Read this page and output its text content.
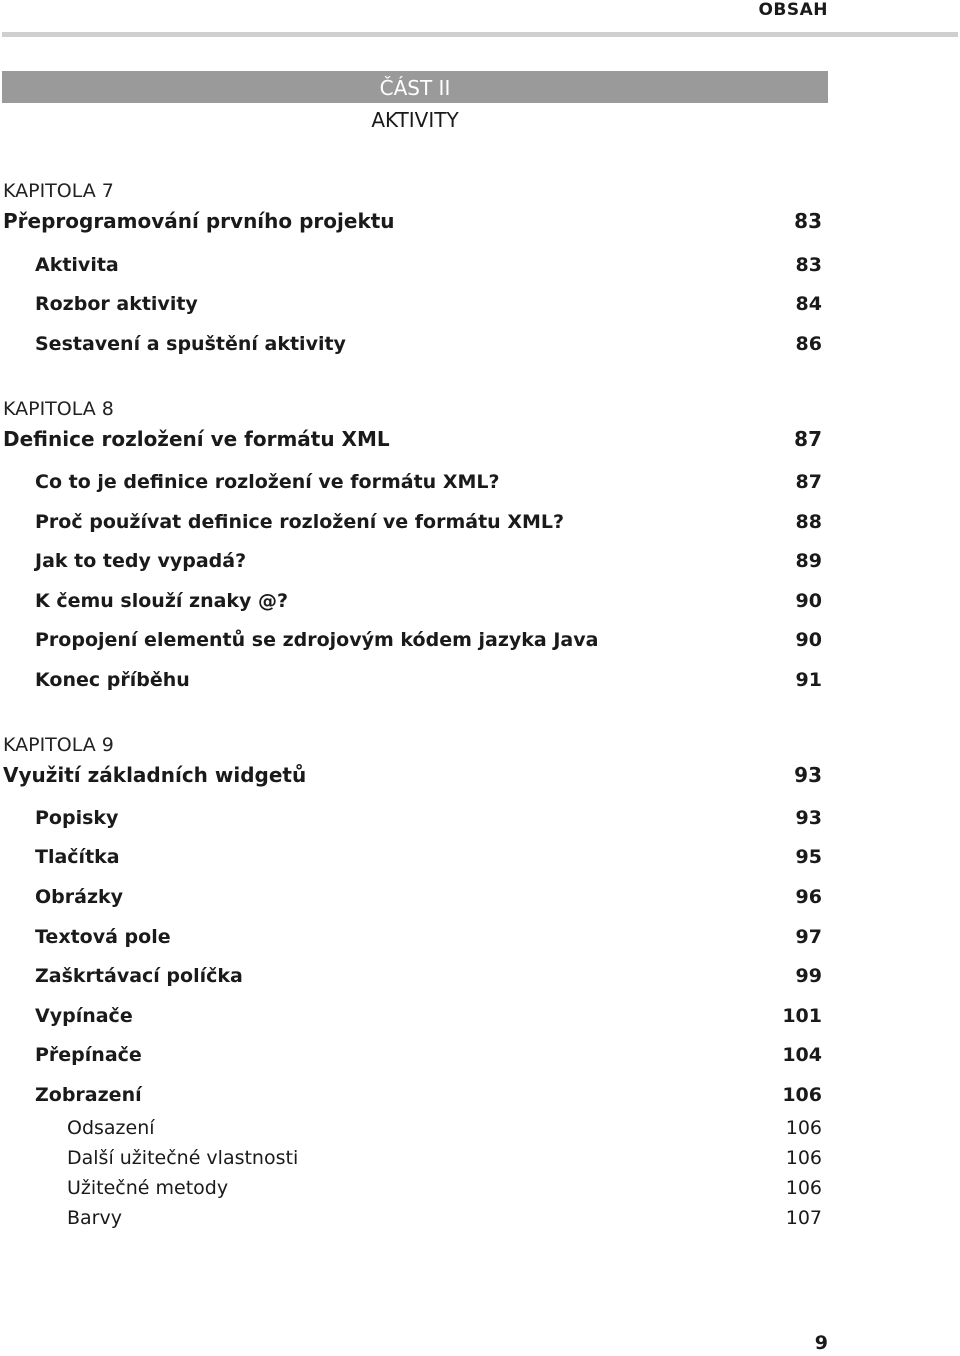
OBSAH
ČÁST II
AKTIVITY
KAPITOLA 7
Přeprogramování prvního projektu	83
Aktivita	83
Rozbor aktivity	84
Sestavení a spuštění aktivity	86
KAPITOLA 8
Definice rozložení ve formátu XML	87
Co to je definice rozložení ve formátu XML?	87
Proč používat definice rozložení ve formátu XML?	88
Jak to tedy vypadá?	89
K čemu slouží znaky @?	90
Propojení elementů se zdrojovým kódem jazyka Java	90
Konec příběhu	91
KAPITOLA 9
Využití základních widgetů	93
Popisky	93
Tlačítka	95
Obrázky	96
Textová pole	97
Zaškrtávací políčka	99
Vypínače	101
Přepínače	104
Zobrazení	106
Odsazení	106
Další užitečné vlastnosti	106
Užitečné metody	106
Barvy	107
9
